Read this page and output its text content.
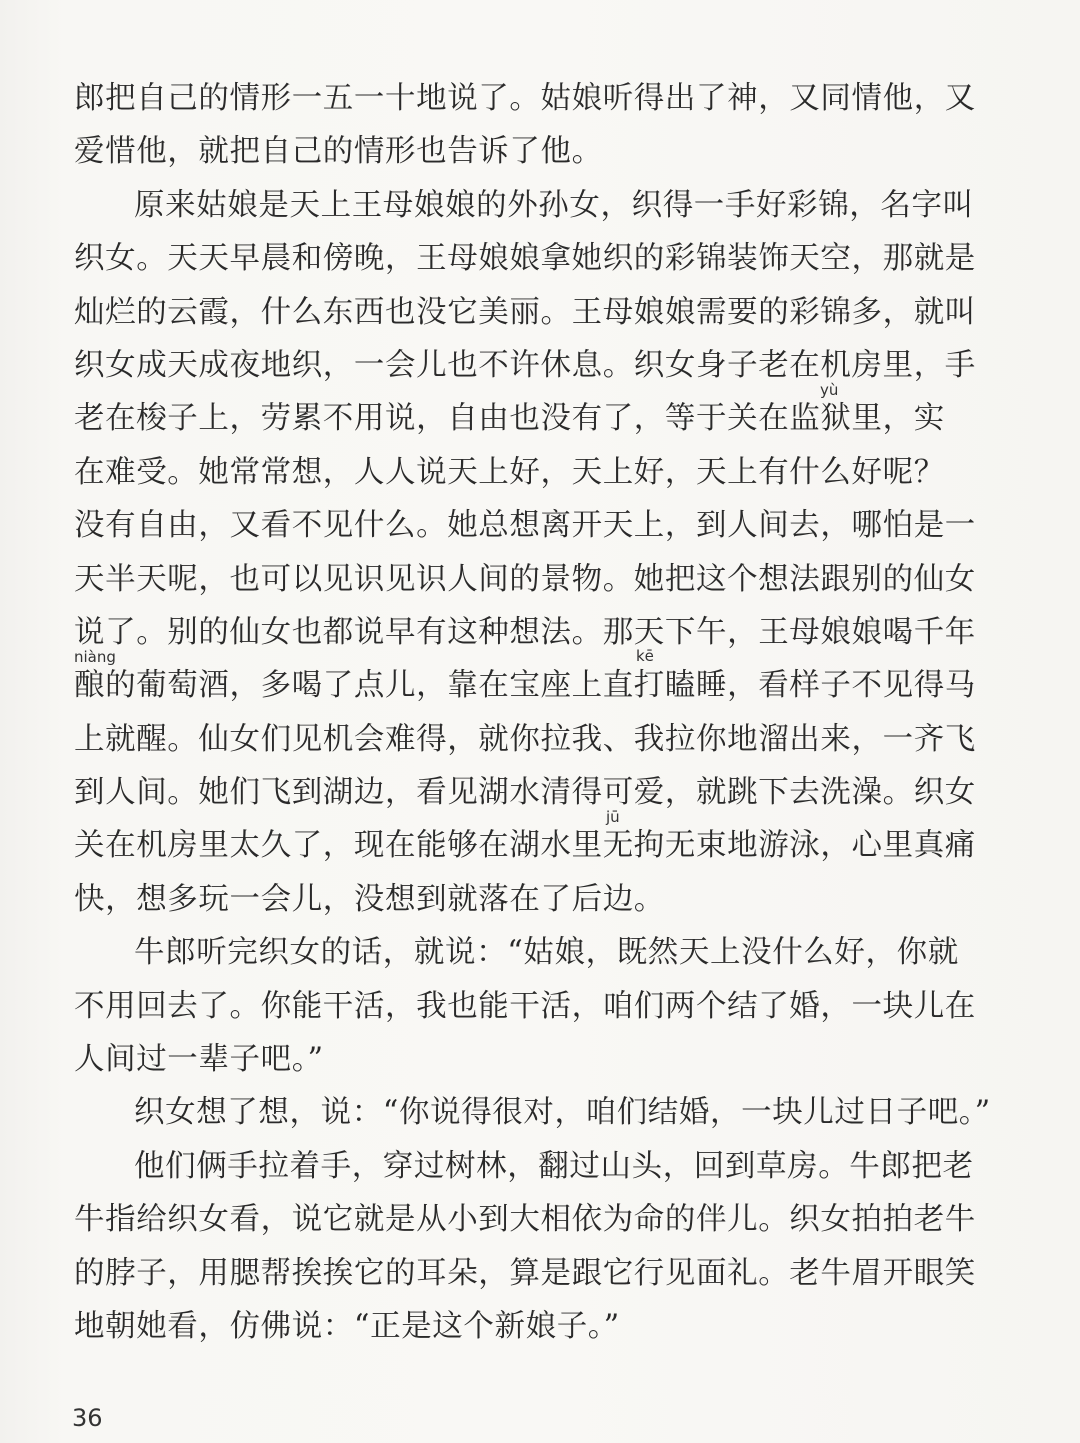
郎把自己的情形一五一十地说了。姑娘听得出了神，又同情他，又
爱惜他，就把自己的情形也告诉了他。
原来姑娘是天上王母娘娘的外孙女，织得一手好彩锦，名字叫
织女。天天早晨和傍晚，王母娘娘拿她织的彩锦装饰天空，那就是
灿烂的云霞，什么东西也没它美丽。王母娘娘需要的彩锦多，就叫
织女成天成夜地织，一会儿也不许休息。织女身子老在机房里，手
yù
老在梭子上，劳累不用说，自由也没有了，等于关在监狱里，实
在难受。她常常想，人人说天上好，天上好，天上有什么好呢？
没有自由，又看不见什么。她总想离开天上，到人间去，哪怕是一
天半天呢，也可以见识见识人间的景物。她把这个想法跟别的仙女
kē
说了。别的仙女也都说早有这种想法。那天下午，王母娘娘喝千年
niàng
酿的葡萄酒，多喝了点儿，靠在宝座上直打瞌睡，看样子不见得马
上就醒。仙女们见机会难得，就你拉我、我拉你地溜出来，一齐飞
到人间。她们飞到湖边，看见湖水清得可爱，就跳下去洗澡。织女
jū
关在机房里太久了，现在能够在湖水里无拘无束地游泳，心里真痛
快，想多玩一会儿，没想到就落在了后边。
牛郎听完织女的话，就说：“姑娘，既然天上没什么好，你就
不用回去了。你能干活，我也能干活，咱们两个结了婚，一块儿在
人间过一辈子吧。”
织女想了想，说：“你说得很对，咱们结婚，一块儿过日子吧。”
他们俩手拉着手，穿过树林，翻过山头，回到草房。牛郎把老
牛指给织女看，说它就是从小到大相依为命的伴儿。织女拍拍老牛
的脖子，用腮帮挨挨它的耳朵，算是跟它行见面礼。老牛眉开眼笑
地朝她看，仿佛说：“正是这个新娘子。”
36
